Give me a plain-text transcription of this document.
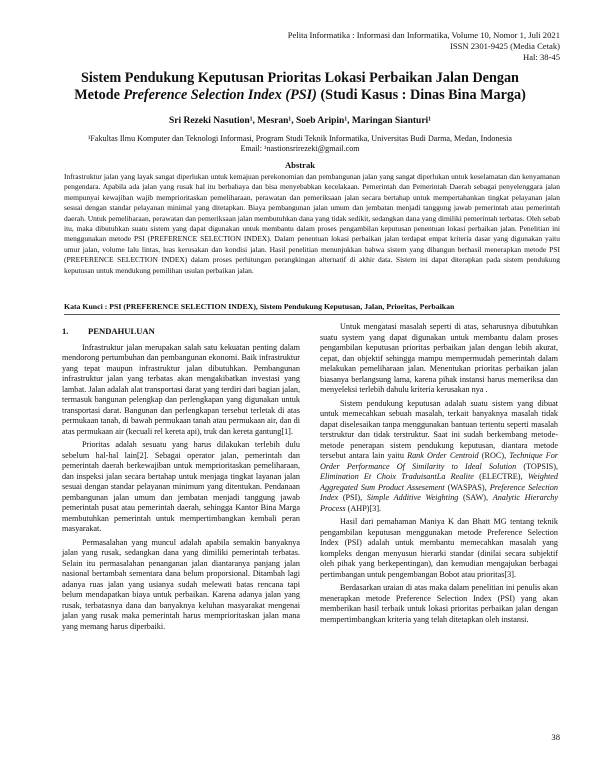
Pelita Informatika : Informasi dan Informatika, Volume 10, Nomor 1, Juli 2021
ISSN 2301-9425 (Media Cetak)
Hal: 38-45
Sistem Pendukung Keputusan Prioritas Lokasi Perbaikan Jalan Dengan
Metode Preference Selection Index (PSI) (Studi Kasus : Dinas Bina Marga)
Sri Rezeki Nasution¹, Mesran¹, Soeb Aripin¹, Maringan Sianturi¹
¹Fakultas Ilmu Komputer dan Teknologi Informasi, Program Studi Teknik Informatika, Universitas Budi Darma, Medan, Indonesia
Email: ¹nastionsrirezeki@gmail.com
Abstrak
Infrastruktur jalan yang layak sangat diperlukan untuk kemajuan perekonomian dan pembangunan jalan yang sangat diperlukan untuk keselamatan dan kenyamanan pengendara. Apabila ada jalan yang rusak hal itu berbahaya dan bisa menyebabkan kecelakaan. Pemerintah dan Pemerintah Daerah sebagai penyelenggara jalan mempunyai kewajiban wajib memprioritaskan pemeliharaan, perawatan dan pemeriksaan jalan secara bertahap untuk mempertahankan tingkat pelayanan jalan sesuai dengan standar pelayanan minimal yang ditetapkan. Biaya pembangunan jalan umum dan jembatan menjadi tanggung jawab pemerintah atau pemerintah daerah. Untuk pemeliharaan, perawatan dan pemeriksaan jalan membutuhkan dana yang tidak sedikit, sedangkan dana yang dimiliki pemerintah terbatas. Oleh sebab itu, maka dibutuhkan suatu sistem yang dapat digunakan untuk membantu dalam proses pengambilan keputusan penentuan lokasi perbaikan jalan. Penelitian ini menggunakan metode PSI (PREFERENCE SELECTION INDEX). Dalam penentuan lokasi perbaikan jalan terdapat empat kriteria dasar yang digunakan yaitu umur jalan, volume lalu lintas, luas kerusakan dan kondisi jalan. Hasil penelitian menunjukkan bahwa sistem yang dibangun berhasil menerapkan metode PSI (PREFERENCE SELECTION INDEX) dalam proses perhitungan perangkingan alternatif di akhir data. Sistem ini dapat diterapkan pada sistem pendukung keputusan untuk mendukung pemilihan usulan perbaikan jalan.
Kata Kunci : PSI (PREFERENCE SELECTION INDEX), Sistem Pendukung Keputusan, Jalan, Prioritas, Perbaikan
1. PENDAHULUAN

Infrastruktur jalan merupakan salah satu kekuatan penting dalam mendorong pertumbuhan dan pembangunan ekonomi. Baik infrastruktur yang tepat maupun infrastruktur jalan dibutuhkan. Pembangunan infrastruktur jalan yang terbatas akan mengakibatkan investasi yang lambat. Jalan adalah alat transportasi darat yang terdiri dari bagian jalan, termasuk bangunan pelengkap dan perlengkapan yang digunakan untuk transportasi darat. Bangunan dan perlengkapan tersebut terletak di atas permukaan tanah, di bawah permukaan tanah atau permukaan air, dan di atas permukaan air (kecuali rel kereta api), truk dan kereta gantung[1].

Prioritas adalah sesuatu yang harus dilakukan terlebih dulu sebelum hal-hal lain[2]. Sebagai operator jalan, pemerintah dan pemerintah daerah berkewajiban untuk memprioritaskan pemeliharaan, dan inspeksi jalan secara bertahap untuk menjaga tingkat layanan jalan sesuai dengan standar pelayanan minimum yang ditentukan. Pendanaan pembangunan jalan umum dan jembatan menjadi tanggung jawab pemerintah pusat atau pemerintah daerah, sehingga Kantor Bina Marga membutuhkan pemerintah untuk mempertimbangkan kembali peran masyarakat.

Permasalahan yang muncul adalah apabila semakin banyaknya jalan yang rusak, sedangkan dana yang dimiliki pemerintah terbatas. Selain itu permasalahan penanganan jalan diantaranya panjang jalan nasional bertambah sementara dana belum proporsional. Ditambah lagi adanya ruas jalan yang usianya sudah melewati batas rencana tapi belum mendapatkan biaya untuk perbaikan. Karena adanya jalan yang rusak, terbatasnya dana dan banyaknya keluhan masyarakat mengenai jalan yang rusak maka pemerintah harus memprioritaskan jalan mana yang memang harus diperbaiki.

Untuk mengatasi masalah seperti di atas, seharusnya dibutuhkan suatu system yang dapat digunakan untuk membantu dalam proses pengambilan keputusan prioritas perbaikan jalan dengan lebih akurat, cepat, dan objektif sehingga mampu mempermudah pemerintah dalam melakukan pemeliharaan jalan. Menentukan prioritas perbaikan jalan biasanya berlangsung lama, karena pihak instansi harus memeriksa dan menyeleksi terlebih dahulu kriteria kerusakan nya .

Sistem pendukung keputusan adalah suatu sistem yang dibuat untuk memecahkan sebuah masalah, terkait banyaknya masalah tidak dapat diselesaikan tanpa menggunakan bantuan tertentu seperti masalah terstruktur dan tidak terstruktur. Saat ini sudah berkembang metode-metode penerapan sistem pendukung keputusan, diantara metode tersebut antara lain yaitu Rank Order Centroid (ROC), Technique For Order Performance Of Similarity to Ideal Solution (TOPSIS), Elimination Et Choix TraduisantLa Realite (ELECTRE), Weighted Aggregated Sum Product Assesement (WASPAS), Preference Selection Index (PSI), Simple Additive Weighting (SAW), Analytic Hierarchy Process (AHP)[3].

Hasil dari pemahaman Maniya K dan Bhatt MG tentang teknik pengambilan keputusan menggunakan metode Preference Selection Index (PSI) adalah untuk membantu memecahkan masalah yang kompleks dengan menyusun hierarki standar (dinilai secara subjektif oleh pihak yang berkepentingan), dan kemudian mengajukan berbagai pertimbangan untuk pengembangan Bobot atau prioritas[3].

Berdasarkan uraian di atas maka dalam penelitian ini penulis akan menerapkan metode Preference Selection Index (PSI) yang akan memberikan hasil terbaik untuk lokasi prioritas perbaikan jalan dengan mempertimbangkan kriteria yang telah ditetapkan oleh instansi.

38
